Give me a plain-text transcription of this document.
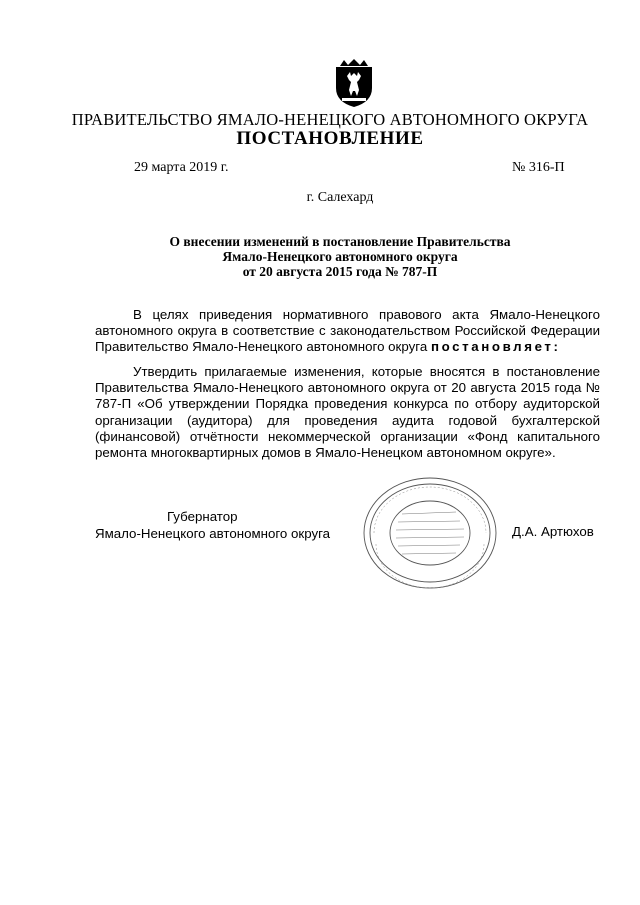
ПРАВИТЕЛЬСТВО ЯМАЛО-НЕНЕЦКОГО АВТОНОМНОГО ОКРУГА
ПОСТАНОВЛЕНИЕ
29 марта 2019 г.	№ 316-П
г. Салехард
О внесении изменений в постановление Правительства
Ямало-Ненецкого автономного округа
от 20 августа 2015 года № 787-П
В целях приведения нормативного правового акта Ямало-Ненецкого автономного округа в соответствие с законодательством Российской Федерации Правительство Ямало-Ненецкого автономного округа постановляет:
Утвердить прилагаемые изменения, которые вносятся в постановление Правительства Ямало-Ненецкого автономного округа от 20 августа 2015 года № 787-П «Об утверждении Порядка проведения конкурса по отбору аудиторской организации (аудитора) для проведения аудита годовой бухгалтерской (финансовой) отчётности некоммерческой организации «Фонд капитального ремонта многоквартирных домов в Ямало-Ненецком автономном округе».
Губернатор
Ямало-Ненецкого автономного округа	Д.А. Артюхов
